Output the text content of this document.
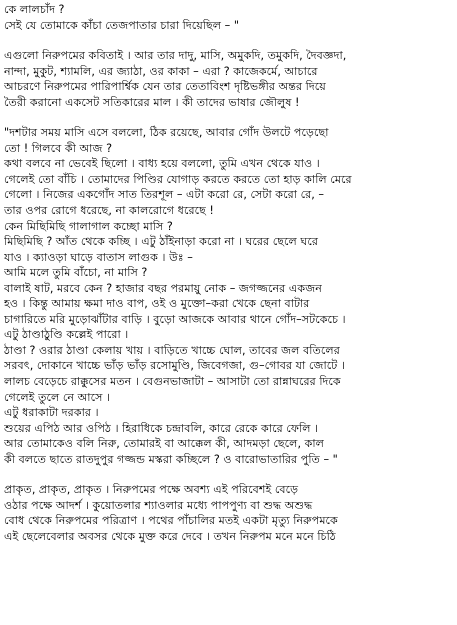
কে লালচাঁদ ?
সেই যে তোমাকে কাঁচা তেজপাতার চারা দিয়েছিল – "
এগুলো নিরুপমের কবিতাই । আর তার দাদু, মাসি, অমুকদি, তমুকদি, দৈবজ্ঞদা,
নান্দা, মুকুট, শ্যামলি, এর জ্যাঠা, ওর কাকা – এরা ? কাজেকর্মে, আচারে
আচরণে নিরুপমের পারিপার্শ্বিক যেন তার তেতাবিংশ দৃষ্টিভঙ্গীর অন্তর দিয়ে
তৈরী করানো একসেট সতিকারের মাল । কী তাদের ভাষার জৌলুষ !
"দশটার সময় মাসি এসে বললো, ঠিক রয়েছে, আবার গোঁদ উলটে পড়েছো
তো ! গিলবে কী আজ ?
কথা বলবে না ভেবেই ছিলো । বাধ্য হয়ে বললো, তুমি এখন থেকে যাও ।
গেলেই তো বাঁচি । তোমাদের পিণ্ডির যোগাড় করতে করতে তো হাড় কালি মেরে
গেলো । নিজের একগোঁদ সাত তিরশূল – এটা করো রে, সেটা করো রে, –
তার ওপর রোগে ধরেছে, না কালরোগে ধরেছে !
কেন মিছিমিছি গালাগাল কচ্ছো মাসি ?
মিছিমিছি ? আঁত থেকে কচ্ছি । এটু ঠাঁইনাড়া করো না । ঘরের ছেলে ঘরে
যাও । ক্যাওড়া ঘাড়ে বাতাস লাগুক । উঃ –
আমি মলে তুমি বাঁচো, না মাসি ?
বালাই ষাট, মরবে কেন ? হাজার বছর পরমায়ু নোক – জগজ্জনের একজন
হও । কিন্তু আমায় ক্ষমা দাও বাপ, ওই ও মুক্তো–করা খেকে ছেনা বাটার
চাগারিতে মরি মুড়োঝাঁটার বাড়ি । বুড়ো আজকে আবার থানে গোঁদ–সটকেচে ।
এটু ঠাণ্ডাঠুণ্ডি কল্লেই পারো ।
ঠাণ্ডা ? ওরার ঠাণ্ডা কেলায় খায় । বাড়িতে খাচ্চে ঘোল, তাবের জল বতিলের
সরবৎ, দোকানে খাচ্চে ভাঁড় ভাঁড় রসোমুণ্ডি, জিবেগজা, গু–গোবর যা জোটে ।
লালচ বেড়েচে রাক্কুসের মতন । বেগুনভাজাটা – আসাটা তো রান্নাঘরের দিকে
গেলেই তুলে নে আসে ।
এটু ধরাকাটা দরকার ।
শুয়ের এপিঠ আর ওপিঠ । হিরাধিকে চন্দ্রাবলি, কারে রেকে কারে ফেলি ।
আর তোমাকেও বলি নিরু, তোমারই বা আক্কেল কী, আদমড়া ছেলে, কাল
কী বলতে ছাতে রাতদুপুর গজ্জন্ড মস্করা কচ্ছিলে ? ও বারোভাতারির পুতি – "
প্রাকৃত, প্রাকৃত, প্রাকৃত । নিরুপমের পক্ষে অবশ্য এই পরিবেশই বেড়ে
ওঠার পক্ষে আদর্শ । কুয়োতলার শ্যাওলার মধ্যে পাপপুণ্য বা শুদ্ধ অশুদ্ধ
বোধ থেকে নিরুপমের পরিত্রাণ । পথের পাঁচালির মতই একটা মৃত্যু নিরুপমকে
এই ছেলেবেলার অবসর থেকে মুক্ত করে দেবে । তখন নিরুপম মনে মনে চিঠি
